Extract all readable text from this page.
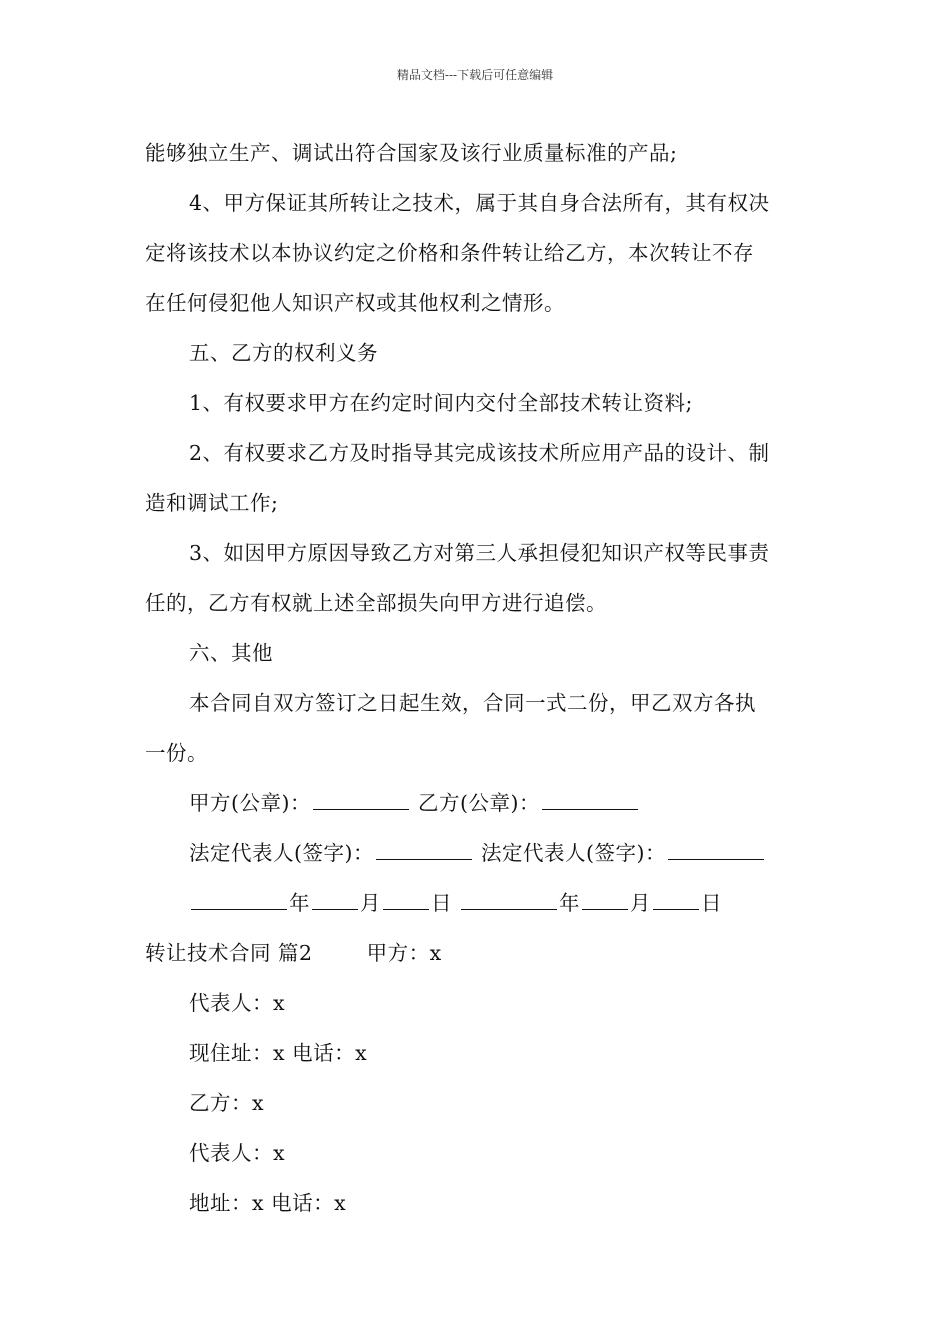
精品文档---下载后可任意编辑

能够独立生产、调试出符合国家及该行业质量标准的产品;

4、甲方保证其所转让之技术，属于其自身合法所有，其有权决

定将该技术以本协议约定之价格和条件转让给乙方，本次转让不存

在任何侵犯他人知识产权或其他权利之情形。

五、乙方的权利义务

1、有权要求甲方在约定时间内交付全部技术转让资料;

2、有权要求乙方及时指导其完成该技术所应用产品的设计、制

造和调试工作;

3、如因甲方原因导致乙方对第三人承担侵犯知识产权等民事责

任的，乙方有权就上述全部损失向甲方进行追偿。

六、其他

本合同自双方签订之日起生效，合同一式二份，甲乙双方各执

一份。

甲方(公章)：	乙方(公章)：

法定代表人(签字)：	法定代表人(签字)：

年 月 日	年 月 日

转让技术合同 篇2	甲方：x

代表人：x

现住址：x 电话：x

乙方：x

代表人：x

地址：x 电话：x
